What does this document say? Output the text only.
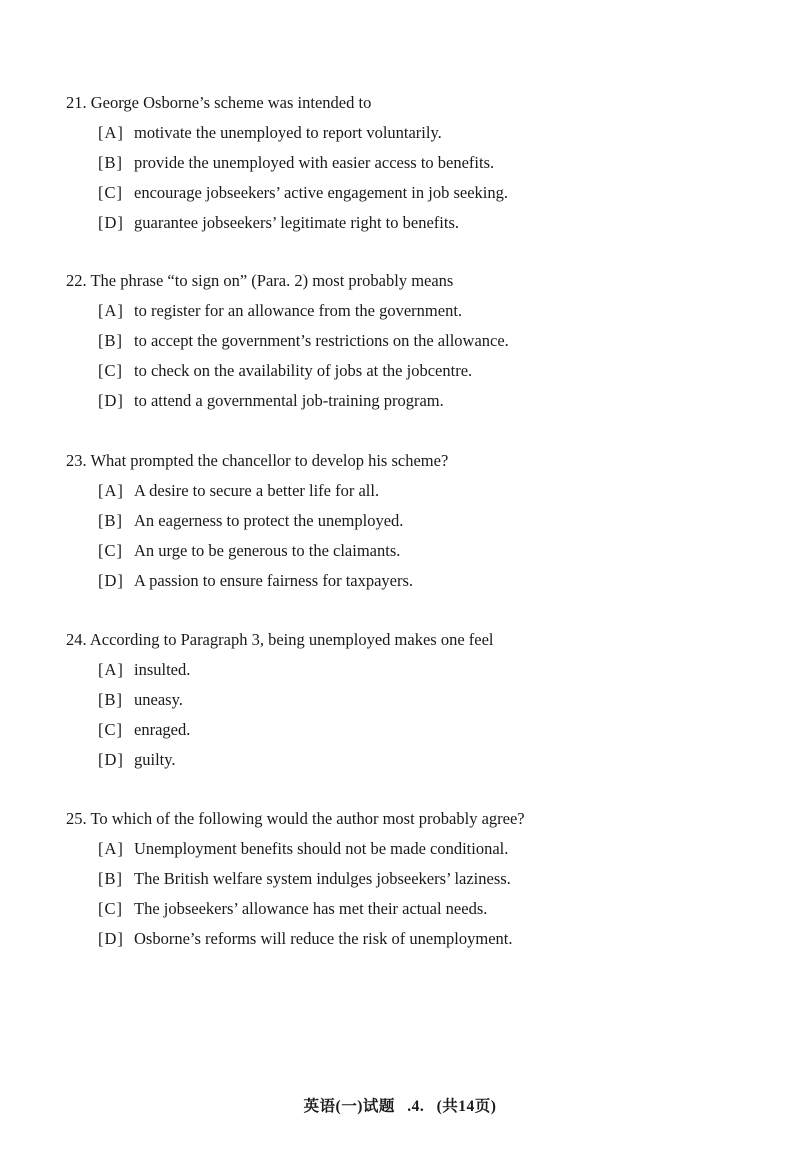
21. George Osborne’s scheme was intended to
[A] motivate the unemployed to report voluntarily.
[B] provide the unemployed with easier access to benefits.
[C] encourage jobseekers’ active engagement in job seeking.
[D] guarantee jobseekers’ legitimate right to benefits.
22. The phrase “to sign on” (Para. 2) most probably means
[A] to register for an allowance from the government.
[B] to accept the government’s restrictions on the allowance.
[C] to check on the availability of jobs at the jobcentre.
[D] to attend a governmental job-training program.
23. What prompted the chancellor to develop his scheme?
[A] A desire to secure a better life for all.
[B] An eagerness to protect the unemployed.
[C] An urge to be generous to the claimants.
[D] A passion to ensure fairness for taxpayers.
24. According to Paragraph 3, being unemployed makes one feel
[A] insulted.
[B] uneasy.
[C] enraged.
[D] guilty.
25. To which of the following would the author most probably agree?
[A] Unemployment benefits should not be made conditional.
[B] The British welfare system indulges jobseekers’ laziness.
[C] The jobseekers’ allowance has met their actual needs.
[D] Osborne’s reforms will reduce the risk of unemployment.
英语(一)试题 .4. (共14页)
